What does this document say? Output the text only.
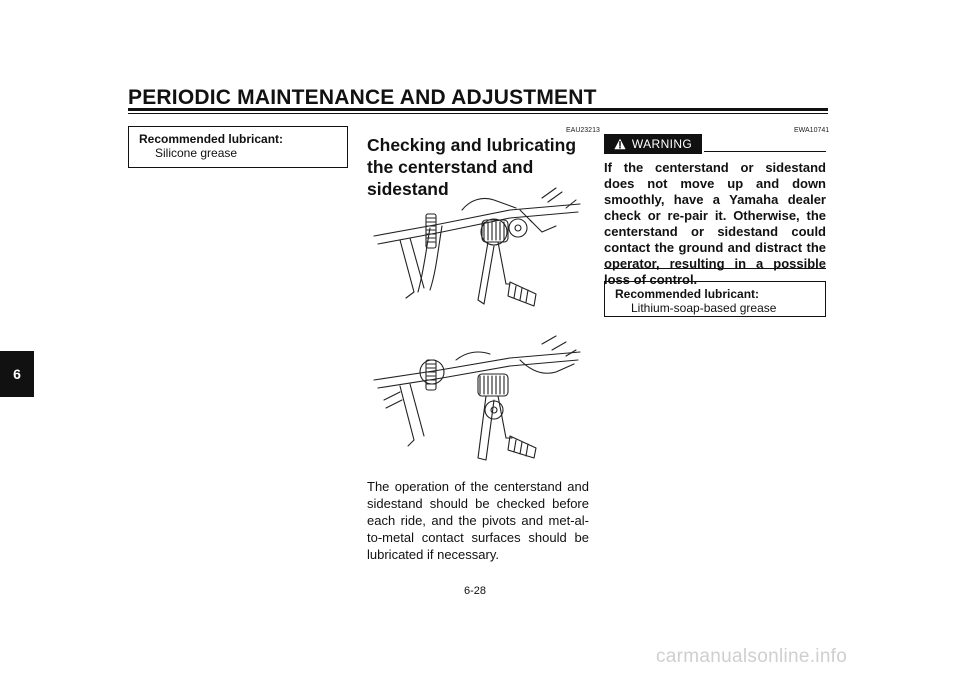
PERIODIC MAINTENANCE AND ADJUSTMENT
6
Recommended lubricant:
Silicone grease
EAU23213
Checking and lubricating the centerstand and sidestand
The operation of the centerstand and sidestand should be checked before each ride, and the pivots and met-al-to-metal contact surfaces should be lubricated if necessary.
EWA10741
WARNING
If the centerstand or sidestand does not move up and down smoothly, have a Yamaha dealer check or re-pair it. Otherwise, the centerstand or sidestand could contact the ground and distract the operator, resulting in a possible loss of control.
Recommended lubricant:
Lithium-soap-based grease
6-28
carmanualsonline.info
